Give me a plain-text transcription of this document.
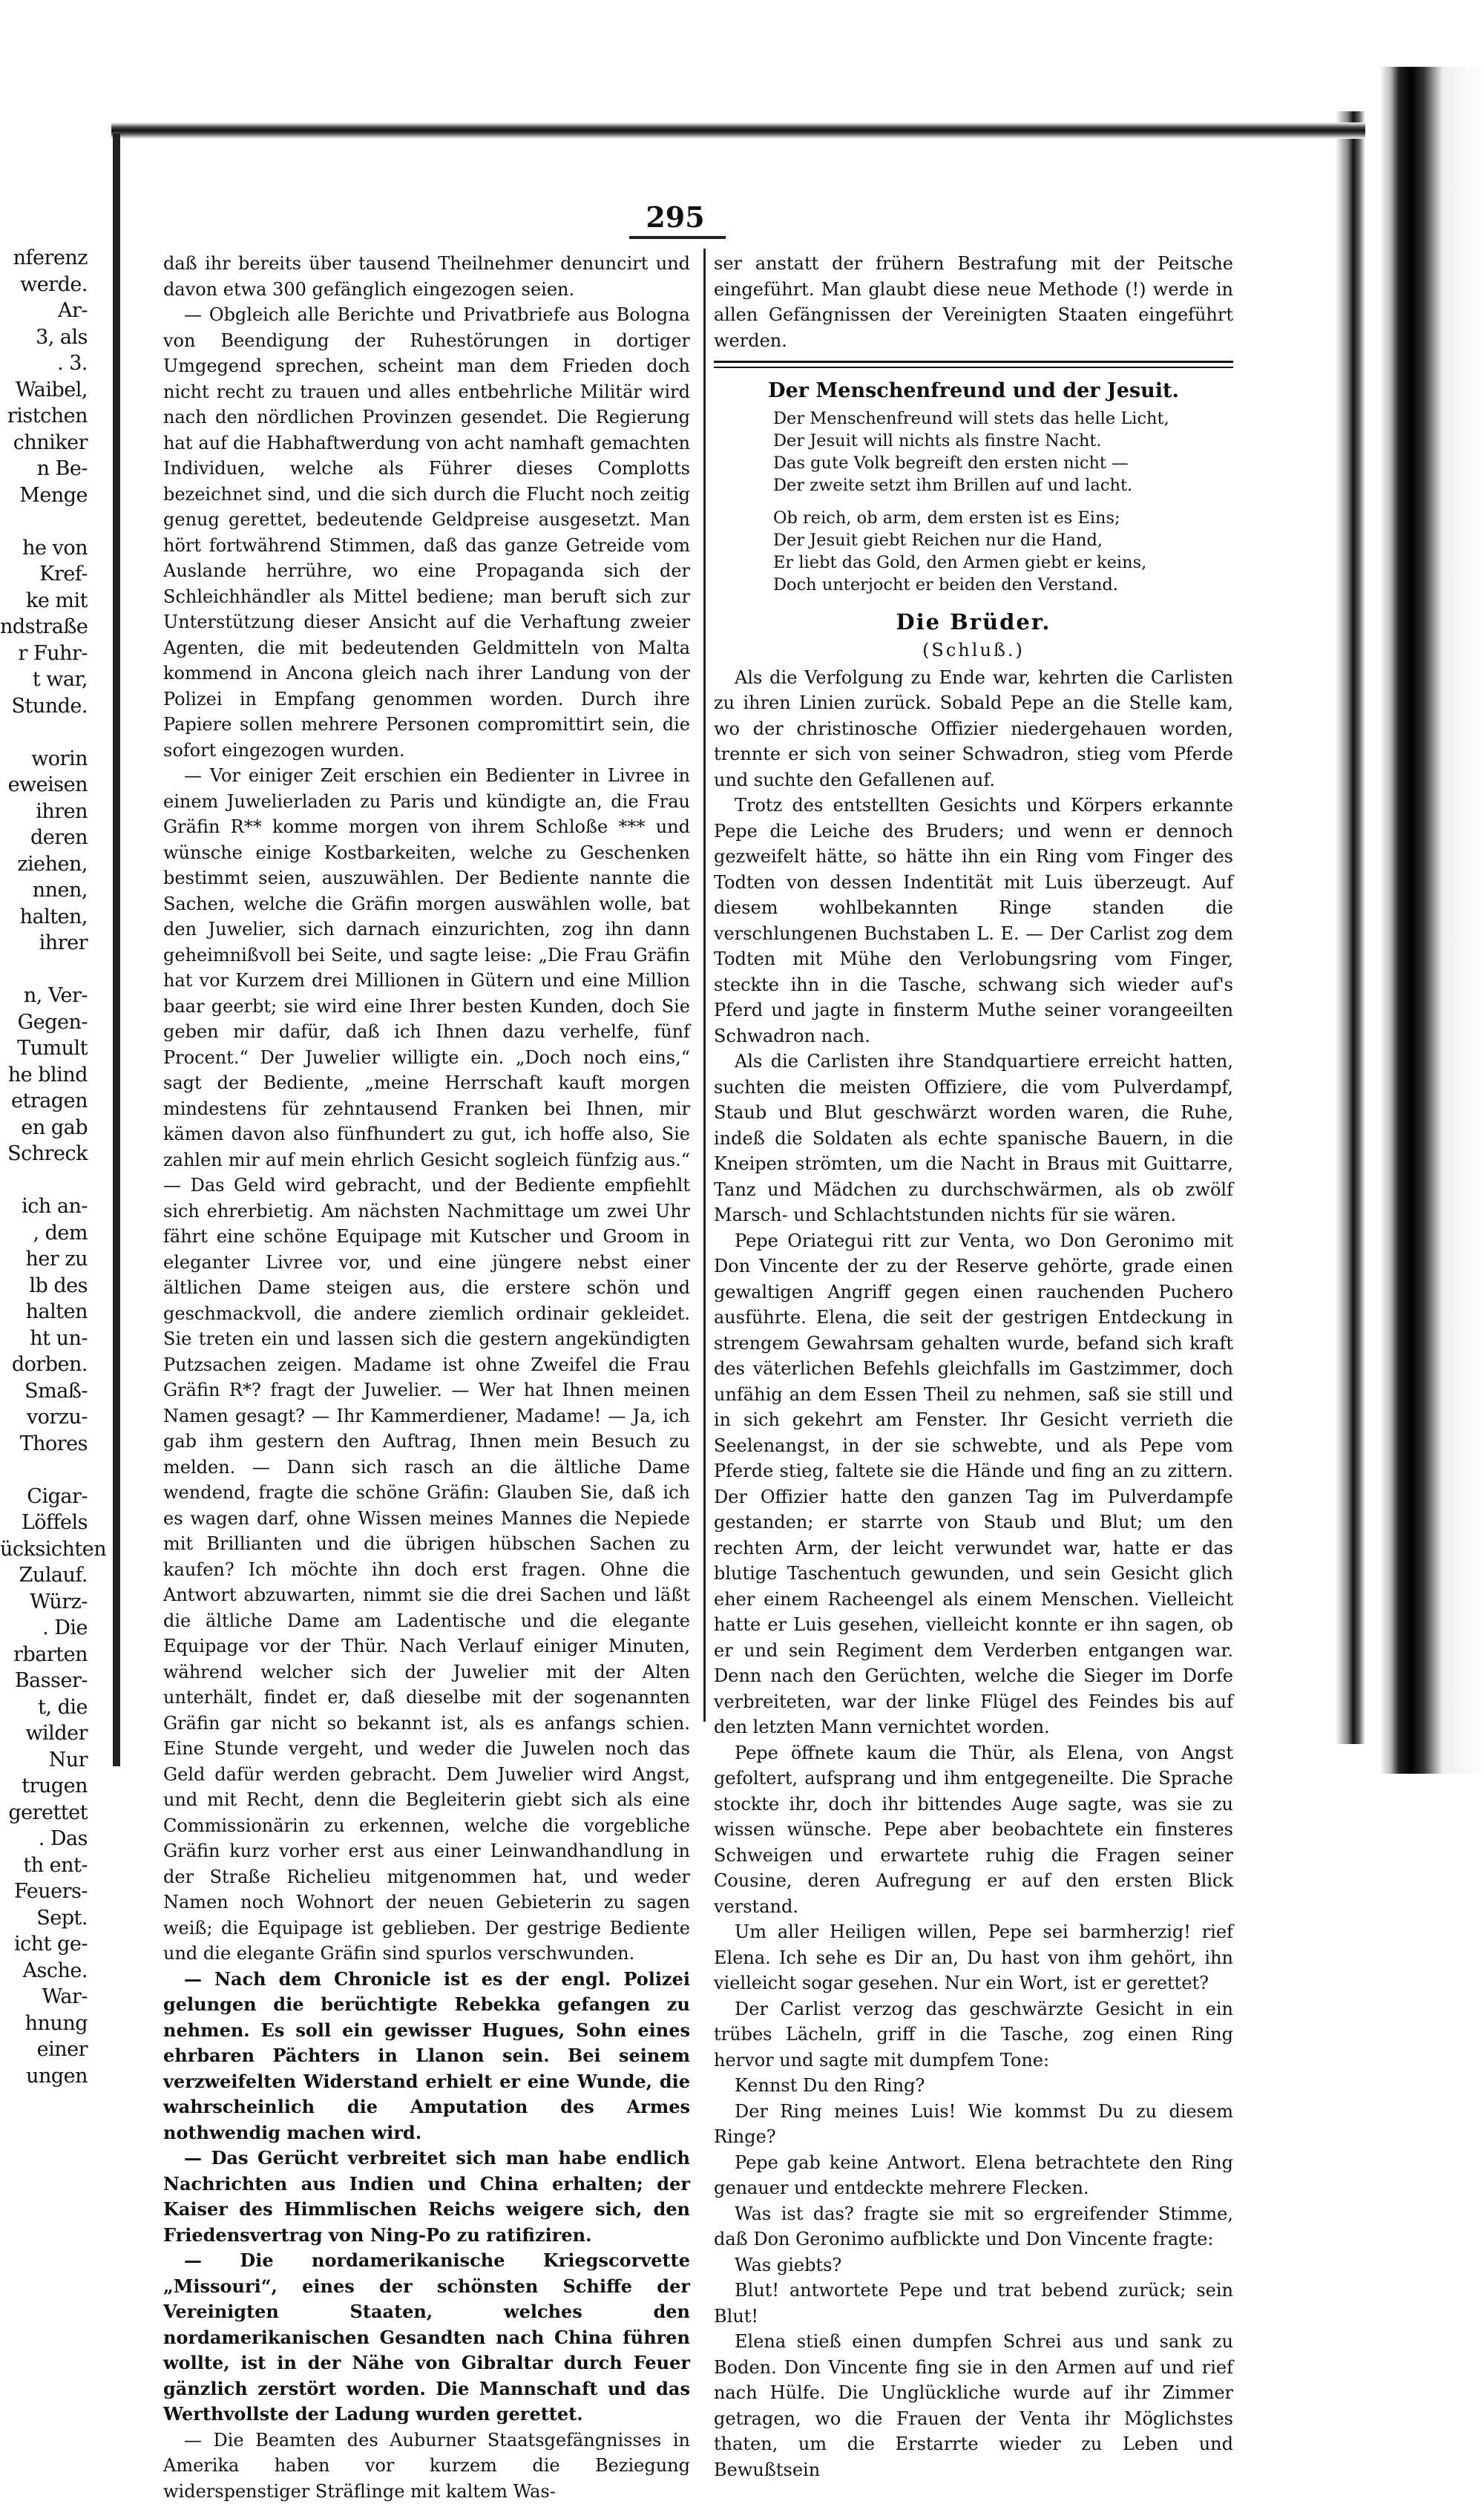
nferenz

werde.

Ar-

3, als

. 3.

Waibel,

ristchen

chniker

n Be-

Menge

he von

Kref-

ke mit

ndstraße

r Fuhr-

t war,

Stunde.

worin

eweisen

ihren

deren

ziehen,

nnen,

halten,

ihrer

n, Ver-

Gegen-

Tumult

he blind

etragen

en gab

Schreck

ich an-

, dem

her zu

lb des

halten

ht un-

dorben.

Smaß-

vorzu-

Thores

Cigar-

Löffels

ücksichten

Zulauf.

Würz-

. Die

rbarten

Basser-

t, die

wilder

Nur

trugen

gerettet

. Das

th ent-

Feuers-

Sept.

icht ge-

Asche.

War-

hnung

einer

ungen

295

daß ihr bereits über tausend Theilnehmer denuncirt und davon etwa 300 gefänglich eingezogen seien.

— Obgleich alle Berichte und Privatbriefe aus Bologna von Beendigung der Ruhestörungen in dortiger Umgegend sprechen, scheint man dem Frieden doch nicht recht zu trauen und alles entbehrliche Militär wird nach den nördlichen Provinzen gesendet. Die Regierung hat auf die Habhaftwerdung von acht namhaft gemachten Individuen, welche als Führer dieses Complotts bezeichnet sind, und die sich durch die Flucht noch zeitig genug gerettet, bedeutende Geldpreise ausgesetzt. Man hört fortwährend Stimmen, daß das ganze Getreide vom Auslande herrühre, wo eine Propaganda sich der Schleichhändler als Mittel bediene; man beruft sich zur Unterstützung dieser Ansicht auf die Verhaftung zweier Agenten, die mit bedeutenden Geldmitteln von Malta kommend in Ancona gleich nach ihrer Landung von der Polizei in Empfang genommen worden. Durch ihre Papiere sollen mehrere Personen compromittirt sein, die sofort eingezogen wurden.

— Vor einiger Zeit erschien ein Bedienter in Livree in einem Juwelierladen zu Paris und kündigte an, die Frau Gräfin R** komme morgen von ihrem Schloße *** und wünsche einige Kostbarkeiten, welche zu Geschenken bestimmt seien, auszuwählen. Der Bediente nannte die Sachen, welche die Gräfin morgen auswählen wolle, bat den Juwelier, sich darnach einzurichten, zog ihn dann geheimnißvoll bei Seite, und sagte leise: „Die Frau Gräfin hat vor Kurzem drei Millionen in Gütern und eine Million baar geerbt; sie wird eine Ihrer besten Kunden, doch Sie geben mir dafür, daß ich Ihnen dazu verhelfe, fünf Procent.“ Der Juwelier willigte ein. „Doch noch eins,“ sagt der Bediente, „meine Herrschaft kauft morgen mindestens für zehntausend Franken bei Ihnen, mir kämen davon also fünfhundert zu gut, ich hoffe also, Sie zahlen mir auf mein ehrlich Gesicht sogleich fünfzig aus.“ — Das Geld wird gebracht, und der Bediente empfiehlt sich ehrerbietig. Am nächsten Nachmittage um zwei Uhr fährt eine schöne Equipage mit Kutscher und Groom in eleganter Livree vor, und eine jüngere nebst einer ältlichen Dame steigen aus, die erstere schön und geschmackvoll, die andere ziemlich ordinair gekleidet. Sie treten ein und lassen sich die gestern angekündigten Putzsachen zeigen. Madame ist ohne Zweifel die Frau Gräfin R*? fragt der Juwelier. — Wer hat Ihnen meinen Namen gesagt? — Ihr Kammerdiener, Madame! — Ja, ich gab ihm gestern den Auftrag, Ihnen mein Besuch zu melden. — Dann sich rasch an die ältliche Dame wendend, fragte die schöne Gräfin: Glauben Sie, daß ich es wagen darf, ohne Wissen meines Mannes die Nepiede mit Brillianten und die übrigen hübschen Sachen zu kaufen? Ich möchte ihn doch erst fragen. Ohne die Antwort abzuwarten, nimmt sie die drei Sachen und läßt die ältliche Dame am Ladentische und die elegante Equipage vor der Thür. Nach Verlauf einiger Minuten, während welcher sich der Juwelier mit der Alten unterhält, findet er, daß dieselbe mit der sogenannten Gräfin gar nicht so bekannt ist, als es anfangs schien. Eine Stunde vergeht, und weder die Juwelen noch das Geld dafür werden gebracht. Dem Juwelier wird Angst, und mit Recht, denn die Begleiterin giebt sich als eine Commissionärin zu erkennen, welche die vorgebliche Gräfin kurz vorher erst aus einer Leinwandhandlung in der Straße Richelieu mitgenommen hat, und weder Namen noch Wohnort der neuen Gebieterin zu sagen weiß; die Equipage ist geblieben. Der gestrige Bediente und die elegante Gräfin sind spurlos verschwunden.

— Nach dem Chronicle ist es der engl. Polizei gelungen die berüchtigte Rebekka gefangen zu nehmen. Es soll ein gewisser Hugues, Sohn eines ehrbaren Pächters in Llanon sein. Bei seinem verzweifelten Widerstand erhielt er eine Wunde, die wahrscheinlich die Amputation des Armes nothwendig machen wird.

— Das Gerücht verbreitet sich man habe endlich Nachrichten aus Indien und China erhalten; der Kaiser des Himmlischen Reichs weigere sich, den Friedensvertrag von Ning-Po zu ratifiziren.

— Die nordamerikanische Kriegscorvette „Missouri“, eines der schönsten Schiffe der Vereinigten Staaten, welches den nordamerikanischen Gesandten nach China führen wollte, ist in der Nähe von Gibraltar durch Feuer gänzlich zerstört worden. Die Mannschaft und das Werthvollste der Ladung wurden gerettet.

— Die Beamten des Auburner Staatsgefängnisses in Amerika haben vor kurzem die Beziegung widerspenstiger Sträflinge mit kaltem Was-

ser anstatt der frühern Bestrafung mit der Peitsche eingeführt. Man glaubt diese neue Methode (!) werde in allen Gefängnissen der Vereinigten Staaten eingeführt werden.

Der Menschenfreund und der Jesuit.
Der Menschenfreund will stets das helle Licht,
Der Jesuit will nichts als finstre Nacht.
Das gute Volk begreift den ersten nicht —
Der zweite setzt ihm Brillen auf und lacht.
Ob reich, ob arm, dem ersten ist es Eins;
Der Jesuit giebt Reichen nur die Hand,
Er liebt das Gold, den Armen giebt er keins,
Doch unterjocht er beiden den Verstand.
Die Brüder.
(Schluß.)

Als die Verfolgung zu Ende war, kehrten die Carlisten zu ihren Linien zurück. Sobald Pepe an die Stelle kam, wo der christinosche Offizier niedergehauen worden, trennte er sich von seiner Schwadron, stieg vom Pferde und suchte den Gefallenen auf.

Trotz des entstellten Gesichts und Körpers erkannte Pepe die Leiche des Bruders; und wenn er dennoch gezweifelt hätte, so hätte ihn ein Ring vom Finger des Todten von dessen Indentität mit Luis überzeugt. Auf diesem wohlbekannten Ringe standen die verschlungenen Buchstaben L. E. — Der Carlist zog dem Todten mit Mühe den Verlobungsring vom Finger, steckte ihn in die Tasche, schwang sich wieder auf's Pferd und jagte in finsterm Muthe seiner vorangeeilten Schwadron nach.

Als die Carlisten ihre Standquartiere erreicht hatten, suchten die meisten Offiziere, die vom Pulverdampf, Staub und Blut geschwärzt worden waren, die Ruhe, indeß die Soldaten als echte spanische Bauern, in die Kneipen strömten, um die Nacht in Braus mit Guittarre, Tanz und Mädchen zu durchschwärmen, als ob zwölf Marsch- und Schlachtstunden nichts für sie wären.

Pepe Oriategui ritt zur Venta, wo Don Geronimo mit Don Vincente der zu der Reserve gehörte, grade einen gewaltigen Angriff gegen einen rauchenden Puchero ausführte. Elena, die seit der gestrigen Entdeckung in strengem Gewahrsam gehalten wurde, befand sich kraft des väterlichen Befehls gleichfalls im Gastzimmer, doch unfähig an dem Essen Theil zu nehmen, saß sie still und in sich gekehrt am Fenster. Ihr Gesicht verrieth die Seelenangst, in der sie schwebte, und als Pepe vom Pferde stieg, faltete sie die Hände und fing an zu zittern. Der Offizier hatte den ganzen Tag im Pulverdampfe gestanden; er starrte von Staub und Blut; um den rechten Arm, der leicht verwundet war, hatte er das blutige Taschentuch gewunden, und sein Gesicht glich eher einem Racheengel als einem Menschen. Vielleicht hatte er Luis gesehen, vielleicht konnte er ihn sagen, ob er und sein Regiment dem Verderben entgangen war. Denn nach den Gerüchten, welche die Sieger im Dorfe verbreiteten, war der linke Flügel des Feindes bis auf den letzten Mann vernichtet worden.

Pepe öffnete kaum die Thür, als Elena, von Angst gefoltert, aufsprang und ihm entgegeneilte. Die Sprache stockte ihr, doch ihr bittendes Auge sagte, was sie zu wissen wünsche. Pepe aber beobachtete ein finsteres Schweigen und erwartete ruhig die Fragen seiner Cousine, deren Aufregung er auf den ersten Blick verstand.

Um aller Heiligen willen, Pepe sei barmherzig! rief Elena. Ich sehe es Dir an, Du hast von ihm gehört, ihn vielleicht sogar gesehen. Nur ein Wort, ist er gerettet?

Der Carlist verzog das geschwärzte Gesicht in ein trübes Lächeln, griff in die Tasche, zog einen Ring hervor und sagte mit dumpfem Tone:

Kennst Du den Ring?

Der Ring meines Luis! Wie kommst Du zu diesem Ringe?

Pepe gab keine Antwort. Elena betrachtete den Ring genauer und entdeckte mehrere Flecken.

Was ist das? fragte sie mit so ergreifender Stimme, daß Don Geronimo aufblickte und Don Vincente fragte:

Was giebts?

Blut! antwortete Pepe und trat bebend zurück; sein Blut!

Elena stieß einen dumpfen Schrei aus und sank zu Boden. Don Vincente fing sie in den Armen auf und rief nach Hülfe. Die Unglückliche wurde auf ihr Zimmer getragen, wo die Frauen der Venta ihr Möglichstes thaten, um die Erstarrte wieder zu Leben und Bewußtsein
